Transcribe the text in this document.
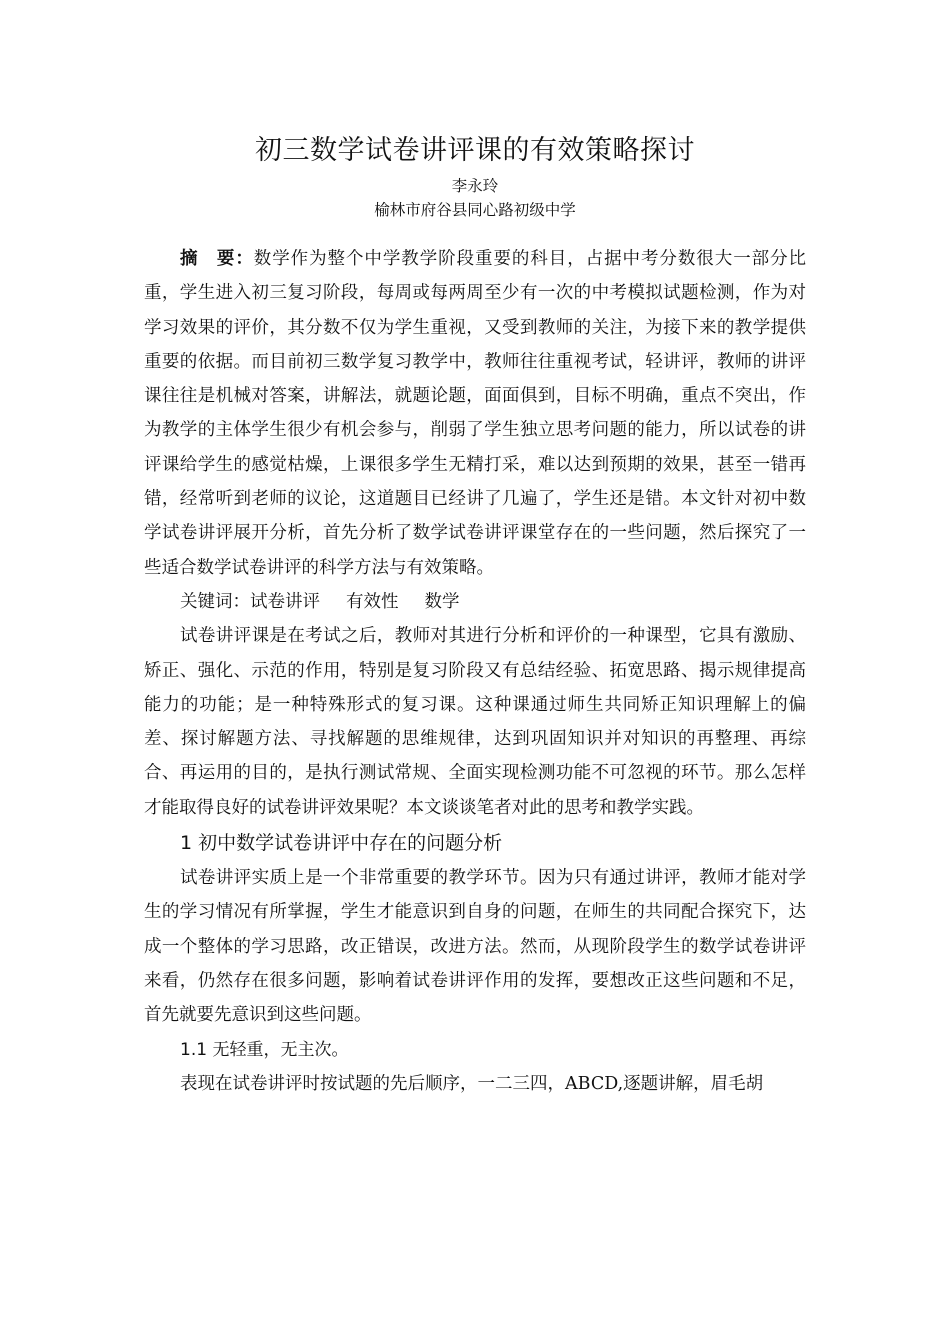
初三数学试卷讲评课的有效策略探讨

李永玲

榆林市府谷县同心路初级中学

摘　要：数学作为整个中学教学阶段重要的科目，占据中考分数很大一部分比重，学生进入初三复习阶段，每周或每两周至少有一次的中考模拟试题检测，作为对学习效果的评价，其分数不仅为学生重视，又受到教师的关注，为接下来的教学提供重要的依据。而目前初三数学复习教学中，教师往往重视考试，轻讲评，教师的讲评课往往是机械对答案，讲解法，就题论题，面面俱到，目标不明确，重点不突出，作为教学的主体学生很少有机会参与，削弱了学生独立思考问题的能力，所以试卷的讲评课给学生的感觉枯燥，上课很多学生无精打采，难以达到预期的效果，甚至一错再错，经常听到老师的议论，这道题目已经讲了几遍了，学生还是错。本文针对初中数学试卷讲评展开分析，首先分析了数学试卷讲评课堂存在的一些问题，然后探究了一些适合数学试卷讲评的科学方法与有效策略。

关键词：试卷讲评 有效性 数学

试卷讲评课是在考试之后，教师对其进行分析和评价的一种课型，它具有激励、矫正、强化、示范的作用，特别是复习阶段又有总结经验、拓宽思路、揭示规律提高能力的功能；是一种特殊形式的复习课。这种课通过师生共同矫正知识理解上的偏差、探讨解题方法、寻找解题的思维规律，达到巩固知识并对知识的再整理、再综合、再运用的目的，是执行测试常规、全面实现检测功能不可忽视的环节。那么怎样才能取得良好的试卷讲评效果呢？本文谈谈笔者对此的思考和教学实践。

1 初中数学试卷讲评中存在的问题分析

试卷讲评实质上是一个非常重要的教学环节。因为只有通过讲评，教师才能对学生的学习情况有所掌握，学生才能意识到自身的问题，在师生的共同配合探究下，达成一个整体的学习思路，改正错误，改进方法。然而，从现阶段学生的数学试卷讲评来看，仍然存在很多问题，影响着试卷讲评作用的发挥，要想改正这些问题和不足，首先就要先意识到这些问题。

1.1 无轻重，无主次。

表现在试卷讲评时按试题的先后顺序，一二三四，ABCD,逐题讲解，眉毛胡
